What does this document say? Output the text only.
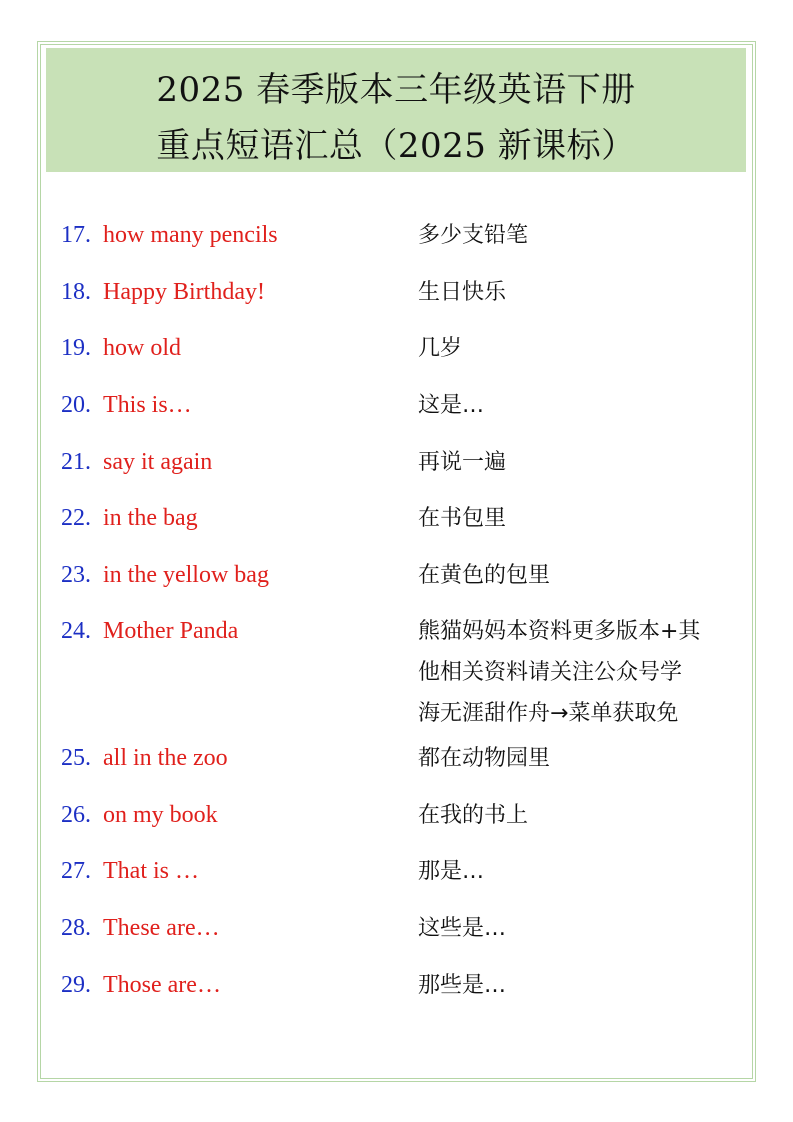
2025 春季版本三年级英语下册
重点短语汇总（2025 新课标）
17. how many pencils	多少支铅笔
18. Happy Birthday!	生日快乐
19. how old	几岁
20. This is…	这是…
21. say it again	再说一遍
22. in the bag	在书包里
23. in the yellow bag	在黄色的包里
24. Mother Panda	熊猫妈妈本资料更多版本+其
他相关资料请关注公众号学
海无涯甜作舟→菜单获取免
25. all in the zoo	都在动物园里
26. on my book	在我的书上
27. That is …	那是…
28. These are…	这些是…
29. Those are…	那些是…
